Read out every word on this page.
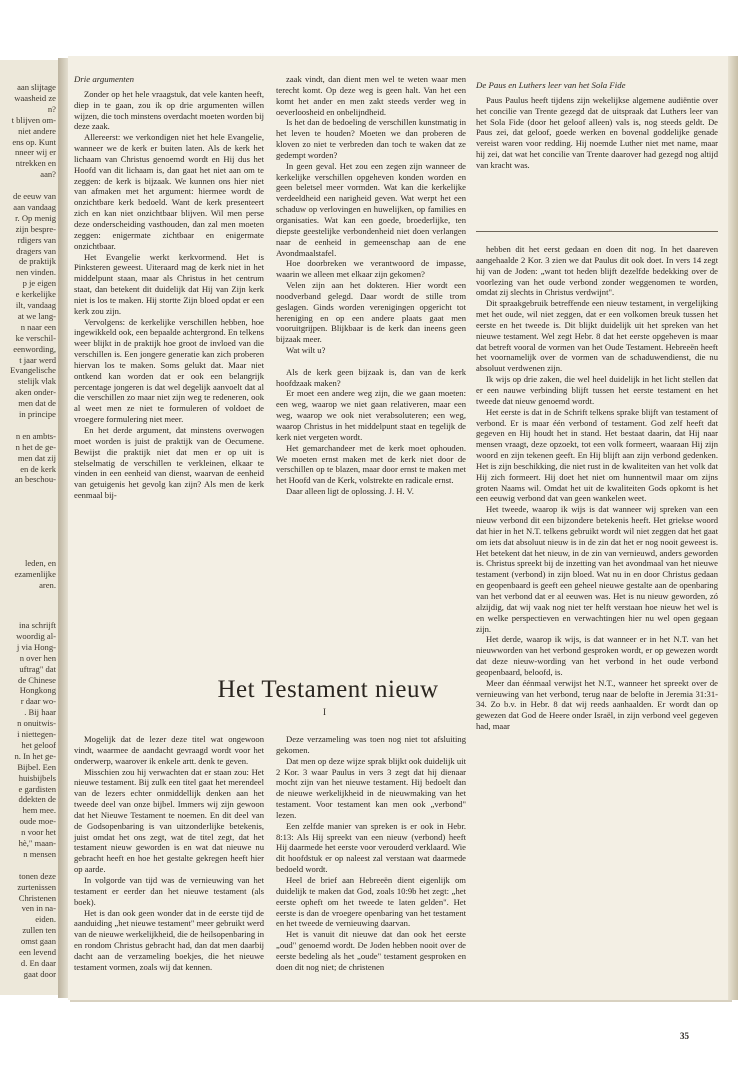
aan slijtage
waasheid ze
n?
t blijven om-
niet andere
ens op. Kunt
nneer wij er
ntrekken en
aan?
de eeuw van
aan vandaag
r. Op menig
zijn bespre-
rdigers van
dragers van
de praktijk
nen vinden.
p je eigen
e kerkelijke
ilt, vandaag
at we lang-
n naar een
ke verschil-
eenwording,
t jaar werd
Evangelische
stelijk vlak
aken onder-
men dat de
in principe
n en ambts-
n het de ge-
men dat zij
en de kerk
an beschou-
leden, en
ezamenlijke
aren.
ina schrijft
woordig al-
j via Hong-
n over hen
uftrag" dat
de Chinese
Hongkong
r daar wo-
. Bij haar
n onuitwis-
i niettegen-
het geloof
n. In het ge-
Bijbel. Een
huisbijbels
e gardisten
ddekten de
hem mee.
oude moe-
n voor het
hè," maan-
n mensen
tonen deze
zurtenissen
Christenen
ven in na-
eiden.
zullen ten
omst gaan
een levend
d. En daar
gaat door
Drie argumenten

Zonder op het hele vraagstuk, dat vele kanten heeft, diep in te gaan, zou ik op drie argumenten willen wijzen, die toch minstens overdacht moeten worden bij deze zaak.

Allereerst: we verkondigen niet het hele Evangelie, wanneer we de kerk er buiten laten. Als de kerk het lichaam van Christus genoemd wordt en Hij dus het Hoofd van dit lichaam is, dan gaat het niet aan om te zeggen: de kerk is bijzaak. We kunnen ons hier niet van afmaken met het argument: hiermee wordt de onzichtbare kerk bedoeld. Want de kerk presenteert zich en kan niet onzichtbaar blijven. Wil men perse deze onderscheiding vasthouden, dan zal men moeten zeggen: enigermate zichtbaar en enigermate onzichtbaar.

Het Evangelie werkt kerkvormend. Het is Pinksteren geweest. Uiteraard mag de kerk niet in het middelpunt staan, maar als Christus in het centrum staat, dan betekent dit duidelijk dat Hij van Zijn kerk niet is los te maken. Hij stortte Zijn bloed opdat er een kerk zou zijn.

Vervolgens: de kerkelijke verschillen hebben, hoe ingewikkeld ook, een bepaalde achtergrond. En telkens weer blijkt in de praktijk hoe groot de invloed van die verschillen is. Een jongere generatie kan zich proberen hiervan los te maken. Soms gelukt dat. Maar niet ontkend kan worden dat er ook een belangrijk percentage jongeren is dat wel degelijk aanvoelt dat al die verschillen zo maar niet zijn weg te redeneren, ook al weet men ze niet te formuleren of voldoet de vroegere formulering niet meer.

En het derde argument, dat minstens overwogen moet worden is juist de praktijk van de Oecumene. Bewijst die praktijk niet dat men er op uit is stelselmatig de verschillen te verkleinen, elkaar te vinden in een eenheid van dienst, waarvan de eenheid van getuigenis het gevolg kan zijn? Als men de kerk eenmaal bij-

zaak vindt, dan dient men wel te weten waar men terecht komt. Op deze weg is geen halt. Van het een komt het ander en men zakt steeds verder weg in oeverloosheid en onbelijndheid.

Is het dan de bedoeling de verschillen kunstmatig in het leven te houden? Moeten we dan proberen de kloven zo niet te verbreden dan toch te waken dat ze gedempt worden?

In geen geval. Het zou een zegen zijn wanneer de kerkelijke verschillen opgeheven konden worden en geen beletsel meer vormden. Wat kan die kerkelijke verdeeldheid een narigheid geven. Wat werpt het een schaduw op verlovingen en huwelijken, op families en organisaties. Wat kan een goede, broederlijke, ten diepste geestelijke verbondenheid niet doen verlangen naar de eenheid in gemeenschap aan de ene Avondmaalstafel.

Hoe doorbreken we verantwoord de impasse, waarin we alleen met elkaar zijn gekomen?

Velen zijn aan het dokteren. Hier wordt een noodverband gelegd. Daar wordt de stille trom geslagen. Ginds worden verenigingen opgericht tot hereniging en op een andere plaats gaat men vooruitgrijpen. Blijkbaar is de kerk dan ineens geen bijzaak meer.

Wat wilt u?

Als de kerk geen bijzaak is, dan van de kerk hoofdzaak maken?

Er moet een andere weg zijn, die we gaan moeten: een weg, waarop we niet gaan relativeren, maar een weg, waarop we ook niet verabsoluteren; een weg, waarop Christus in het middelpunt staat en tegelijk de kerk niet vergeten wordt.

Het gemarchandeer met de kerk moet ophouden. We moeten ernst maken met de kerk niet door de verschillen op te blazen, maar door ernst te maken met het Hoofd van de Kerk, volstrekte en radicale ernst.

Daar alleen ligt de oplossing. J. H. V.

De Paus en Luthers leer van het Sola Fide

Paus Paulus heeft tijdens zijn wekelijkse algemene audiëntie over het concilie van Trente gezegd dat de uitspraak dat Luthers leer van het Sola Fide (door het geloof alleen) vals is, nog steeds geldt. De Paus zei, dat geloof, goede werken en bovenal goddelijke genade vereist waren voor redding. Hij noemde Luther niet met name, maar hij zei, dat wat het concilie van Trente daarover had gezegd nog altijd van kracht was.

Het Testament nieuw
I

Mogelijk dat de lezer deze titel wat ongewoon vindt, waarmee de aandacht gevraagd wordt voor het onderwerp, waarover ik enkele artt. denk te geven.

Misschien zou hij verwachten dat er staan zou: Het nieuwe testament. Bij zulk een titel gaat het merendeel van de lezers echter onmiddellijk denken aan het tweede deel van onze bijbel. Immers wij zijn gewoon dat het Nieuwe Testament te noemen. En dit deel van de Godsopenbaring is van uitzonderlijke betekenis, juist omdat het ons zegt, wat de titel zegt, dat het testament nieuw geworden is en wat dat nieuwe nu gebracht heeft en hoe het gestalte gekregen heeft hier op aarde.

In volgorde van tijd was de vernieuwing van het testament er eerder dan het nieuwe testament (als boek).

Het is dan ook geen wonder dat in de eerste tijd de aanduiding „het nieuwe testament" meer gebruikt werd van de nieuwe werkelijkheid, die de heilsopenbaring in en rondom Christus gebracht had, dan dat men daarbij dacht aan de verzameling boekjes, die het nieuwe testament vormen, zoals wij dat kennen.

Deze verzameling was toen nog niet tot afsluiting gekomen.

Dat men op deze wijze sprak blijkt ook duidelijk uit 2 Kor. 3 waar Paulus in vers 3 zegt dat hij dienaar mocht zijn van het nieuwe testament. Hij bedoelt dan de nieuwe werkelijkheid in de nieuwmaking van het testament. Voor testament kan men ook „verbond" lezen.

Een zelfde manier van spreken is er ook in Hebr. 8:13: Als Hij spreekt van een nieuw (verbond) heeft Hij daarmede het eerste voor verouderd verklaard. Wie dit hoofdstuk er op naleest zal verstaan wat daarmede bedoeld wordt.

Heel de brief aan Hebreeën dient eigenlijk om duidelijk te maken dat God, zoals 10:9b het zegt: „het eerste opheft om het tweede te laten gelden". Het eerste is dan de vroegere openbaring van het testament en het tweede de vernieuwing daarvan.

Het is vanuit dit nieuwe dat dan ook het eerste „oud" genoemd wordt. De Joden hebben nooit over de eerste bedeling als het „oude" testament gesproken en doen dit nog niet; de christenen

hebben dit het eerst gedaan en doen dit nog. In het daareven aangehaalde 2 Kor. 3 zien we dat Paulus dit ook doet. In vers 14 zegt hij van de Joden: „want tot heden blijft dezelfde bedekking over de voorlezing van het oude verbond zonder weggenomen te worden, omdat zij slechts in Christus verdwijnt".

Dit spraakgebruik betreffende een nieuw testament, in vergelijking met het oude, wil niet zeggen, dat er een volkomen breuk tussen het eerste en het tweede is. Dit blijkt duidelijk uit het spreken van het nieuwe testament. Wel zegt Hebr. 8 dat het eerste opgeheven is maar dat betreft vooral de vormen van het Oude Testament. Hebreeën heeft het voornamelijk over de vormen van de schaduwendienst, die nu absoluut verdwenen zijn.

Ik wijs op drie zaken, die wel heel duidelijk in het licht stellen dat er een nauwe verbinding blijft tussen het eerste testament en het tweede dat nieuw genoemd wordt.

Het eerste is dat in de Schrift telkens sprake blijft van testament of verbond. Er is maar één verbond of testament. God zelf heeft dat gegeven en Hij houdt het in stand. Het bestaat daarin, dat Hij naar mensen vraagt, deze opzoekt, tot een volk formeert, waaraan Hij zijn woord en zijn tekenen geeft. En Hij blijft aan zijn verbond gedenken. Het is zijn beschikking, die niet rust in de kwaliteiten van het volk dat Hij zich formeert. Hij doet het niet om hunnentwil maar om zijns groten Naams wil. Omdat het uit de kwaliteiten Gods opkomt is het een eeuwig verbond dat van geen wankelen weet.

Het tweede, waarop ik wijs is dat wanneer wij spreken van een nieuw verbond dit een bijzondere betekenis heeft. Het griekse woord dat hier in het N.T. telkens gebruikt wordt wil niet zeggen dat het gaat om iets dat absoluut nieuw is in de zin dat het er nog nooit geweest is. Het betekent dat het nieuw, in de zin van vernieuwd, anders geworden is. Christus spreekt bij de inzetting van het avondmaal van het nieuwe testament (verbond) in zijn bloed. Wat nu in en door Christus gedaan en geopenbaard is geeft een geheel nieuwe gestalte aan de openbaring van het verbond dat er al eeuwen was. Het is nu nieuw geworden, zó alzijdig, dat wij vaak nog niet ter helft verstaan hoe nieuw het wel is en welke perspectieven en verwachtingen hier nu wel open gegaan zijn.

Het derde, waarop ik wijs, is dat wanneer er in het N.T. van het nieuwworden van het verbond gesproken wordt, er op gewezen wordt dat deze nieuw-wording van het verbond in het oude verbond geopenbaard, beloofd, is.

Meer dan éénmaal verwijst het N.T., wanneer het spreekt over de vernieuwing van het verbond, terug naar de belofte in Jeremia 31:31-34. Zo b.v. in Hebr. 8 dat wij reeds aanhaalden. Er wordt dan op gewezen dat God de Heere onder Israël, in zijn verbond veel gegeven had, maar

35
